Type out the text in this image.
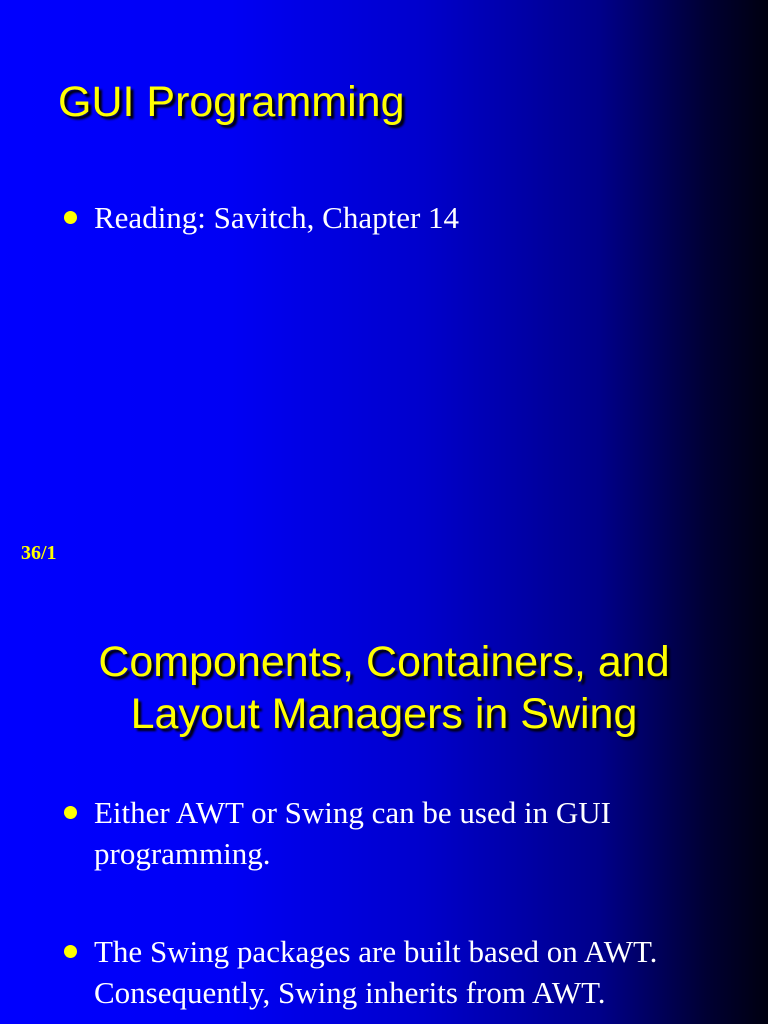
GUI Programming
Reading: Savitch, Chapter 14
36/1
Components, Containers, and
Layout Managers in Swing
Either AWT or Swing can be used in GUI programming.
The Swing packages are built based on AWT. Consequently, Swing inherits from AWT.
